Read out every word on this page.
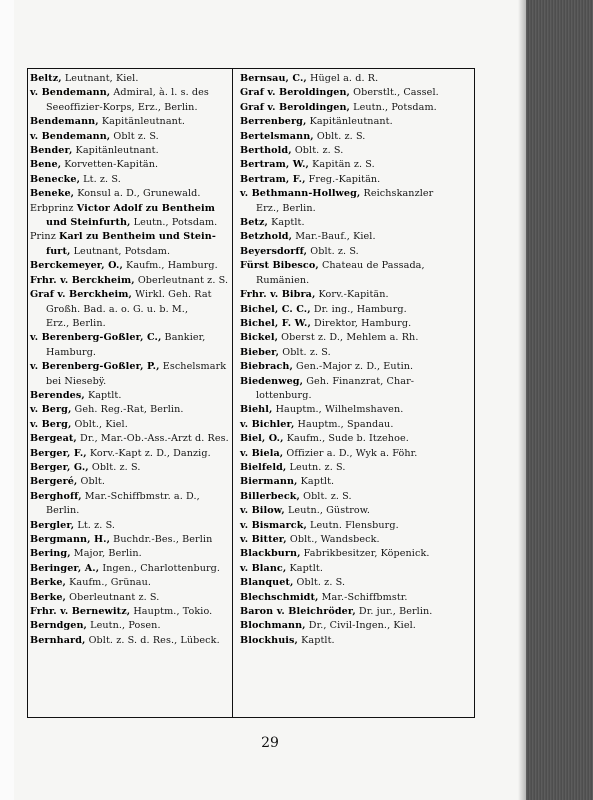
29
Beltz, Leutnant, Kiel.
v. Bendemann, Admiral, à. l. s. des
Seeoffizier-Korps, Erz., Berlin.
Bendemann, Kapitänleutnant.
v. Bendemann, Oblt z. S.
Bender, Kapitänleutnant.
Bene, Korvetten-Kapitän.
Benecke, Lt. z. S.
Beneke, Konsul a. D., Grunewald.
Erbprinz Victor Adolf zu Bentheim
und Steinfurth, Leutn., Potsdam.
Prinz Karl zu Bentheim und Stein-
furt, Leutnant, Potsdam.
Berckemeyer, O., Kaufm., Hamburg.
Frhr. v. Berckheim, Oberleutnant z. S.
Graf v. Berckheim, Wirkl. Geh. Rat
Großh. Bad. a. o. G. u. b. M.,
Erz., Berlin.
v. Berenberg-Goßler, C., Bankier,
Hamburg.
v. Berenberg-Goßler, P., Eschelsmark
bei Niesebÿ.
Berendes, Kaptlt.
v. Berg, Geh. Reg.-Rat, Berlin.
v. Berg, Oblt., Kiel.
Bergeat, Dr., Mar.-Ob.-Ass.-Arzt d. Res.
Berger, F., Korv.-Kapt z. D., Danzig.
Berger, G., Oblt. z. S.
Bergeré, Oblt.
Berghoff, Mar.-Schiffbmstr. a. D.,
Berlin.
Bergler, Lt. z. S.
Bergmann, H., Buchdr.-Bes., Berlin
Bering, Major, Berlin.
Beringer, A., Ingen., Charlottenburg.
Berke, Kaufm., Grünau.
Berke, Oberleutnant z. S.
Frhr. v. Bernewitz, Hauptm., Tokio.
Berndgen, Leutn., Posen.
Bernhard, Oblt. z. S. d. Res., Lübeck.
Bernsau, C., Hügel a. d. R.
Graf v. Beroldingen, Oberstlt., Cassel.
Graf v. Beroldingen, Leutn., Potsdam.
Berrenberg, Kapitänleutnant.
Bertelsmann, Oblt. z. S.
Berthold, Oblt. z. S.
Bertram, W., Kapitän z. S.
Bertram, F., Freg.-Kapitän.
v. Bethmann-Hollweg, Reichskanzler
Erz., Berlin.
Betz, Kaptlt.
Betzhold, Mar.-Bauf., Kiel.
Beyersdorff, Oblt. z. S.
Fürst Bibesco, Chateau de Passada,
Rumänien.
Frhr. v. Bibra, Korv.-Kapitän.
Bichel, C. C., Dr. ing., Hamburg.
Bichel, F. W., Direktor, Hamburg.
Bickel, Oberst z. D., Mehlem a. Rh.
Bieber, Oblt. z. S.
Biebrach, Gen.-Major z. D., Eutin.
Biedenweg, Geh. Finanzrat, Char-
lottenburg.
Biehl, Hauptm., Wilhelmshaven.
v. Bichler, Hauptm., Spandau.
Biel, O., Kaufm., Sude b. Itzehoe.
v. Biela, Offizier a. D., Wyk a. Föhr.
Bielfeld, Leutn. z. S.
Biermann, Kaptlt.
Billerbeck, Oblt. z. S.
v. Bilow, Leutn., Güstrow.
v. Bismarck, Leutn. Flensburg.
v. Bitter, Oblt., Wandsbeck.
Blackburn, Fabrikbesitzer, Köpenick.
v. Blanc, Kaptlt.
Blanquet, Oblt. z. S.
Blechschmidt, Mar.-Schiffbmstr.
Baron v. Bleichröder, Dr. jur., Berlin.
Blochmann, Dr., Civil-Ingen., Kiel.
Blockhuis, Kaptlt.
